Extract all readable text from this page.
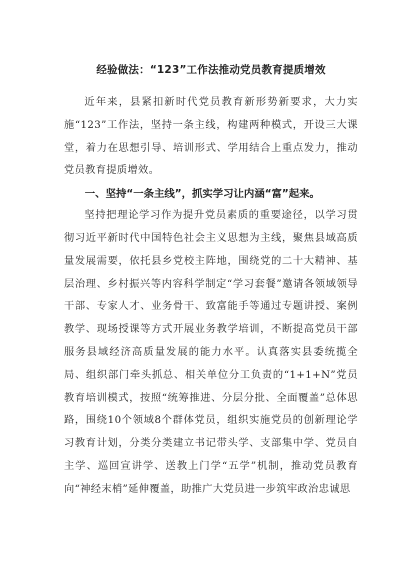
经验做法：“123”工作法推动党员教育提质增效

近年来，县紧扣新时代党员教育新形势新要求，大力实施“123”工作法，坚持一条主线，构建两种模式，开设三大课堂，着力在思想引导、培训形式、学用结合上重点发力，推动党员教育提质增效。

一、坚持“一条主线”，抓实学习让内涵“富”起来。

坚持把理论学习作为提升党员素质的重要途径，以学习贯彻习近平新时代中国特色社会主义思想为主线，聚焦县域高质量发展需要，依托县乡党校主阵地，围绕党的二十大精神、基层治理、乡村振兴等内容科学制定“学习套餐”邀请各领域领导干部、专家人才、业务骨干、致富能手等通过专题讲授、案例教学、现场授课等方式开展业务教学培训，不断提高党员干部服务县域经济高质量发展的能力水平。认真落实县委统揽全局、组织部门牵头抓总、相关单位分工负责的“1+1+N”党员教育培训模式，按照“统筹推进、分层分批、全面覆盖”总体思路，围绕10个领域8个群体党员，组织实施党员的创新理论学习教育计划，分类分类建立书记带头学、支部集中学、党员自主学、巡回宣讲学、送教上门学“五学”机制，推动党员教育向“神经末梢”延伸覆盖，助推广大党员进一步筑牢政治忠诚思
